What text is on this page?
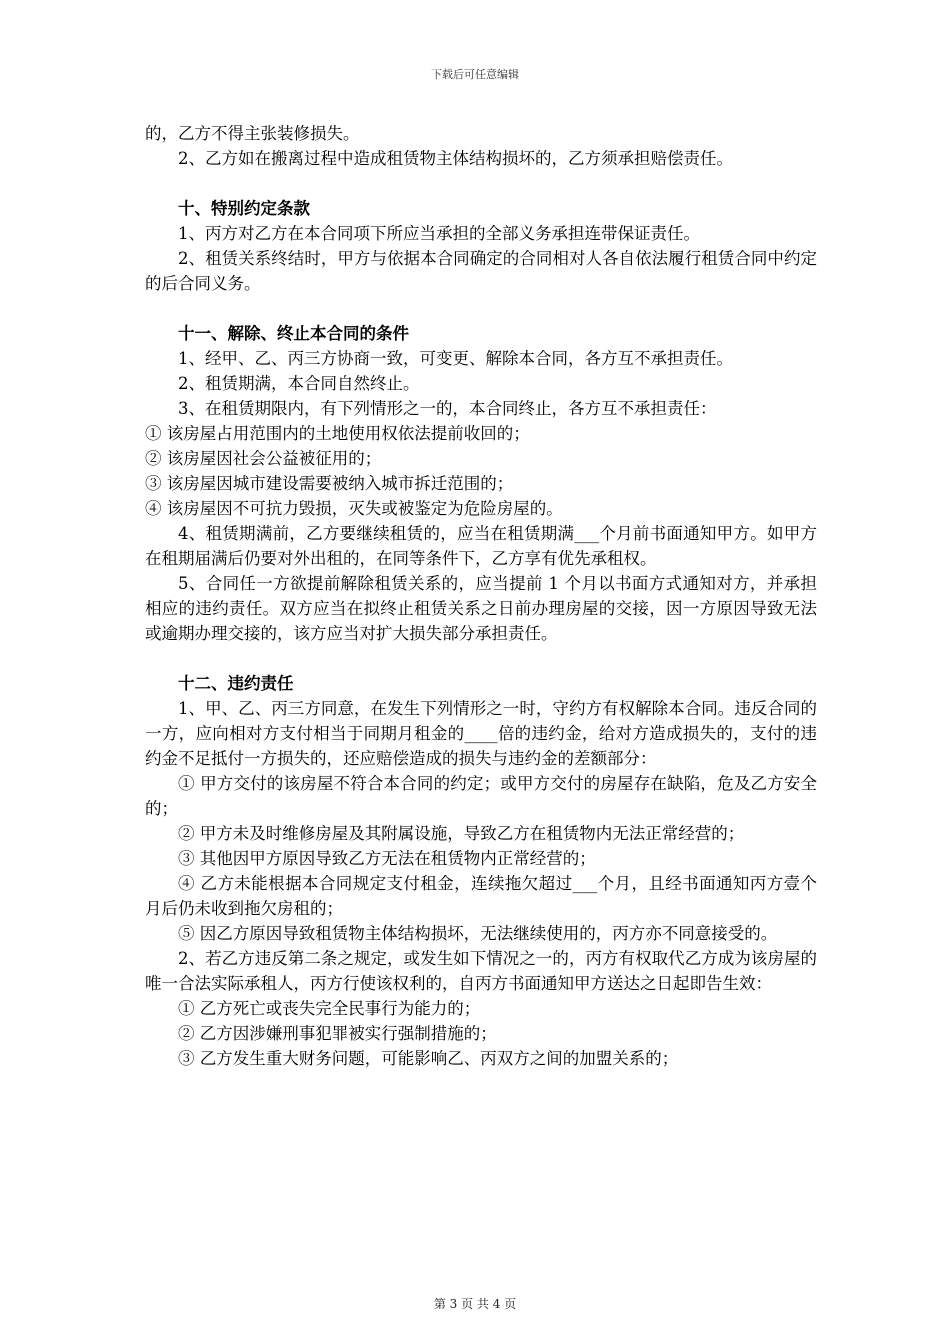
下载后可任意编辑

的，乙方不得主张装修损失。

2、乙方如在搬离过程中造成租赁物主体结构损坏的，乙方须承担赔偿责任。

十、特别约定条款

1、丙方对乙方在本合同项下所应当承担的全部义务承担连带保证责任。

2、租赁关系终结时，甲方与依据本合同确定的合同相对人各自依法履行租赁合同中约定的后合同义务。

十一、解除、终止本合同的条件

1、经甲、乙、丙三方协商一致，可变更、解除本合同，各方互不承担责任。

2、租赁期满，本合同自然终止。

3、在租赁期限内，有下列情形之一的，本合同终止，各方互不承担责任：

① 该房屋占用范围内的土地使用权依法提前收回的；

② 该房屋因社会公益被征用的；

③ 该房屋因城市建设需要被纳入城市拆迁范围的；

④ 该房屋因不可抗力毁损，灭失或被鉴定为危险房屋的。

4、租赁期满前，乙方要继续租赁的，应当在租赁期满___个月前书面通知甲方。如甲方在租期届满后仍要对外出租的，在同等条件下，乙方享有优先承租权。

5、合同任一方欲提前解除租赁关系的，应当提前 1 个月以书面方式通知对方，并承担相应的违约责任。双方应当在拟终止租赁关系之日前办理房屋的交接，因一方原因导致无法或逾期办理交接的，该方应当对扩大损失部分承担责任。

十二、违约责任

1、甲、乙、丙三方同意，在发生下列情形之一时，守约方有权解除本合同。违反合同的一方，应向相对方支付相当于同期月租金的____倍的违约金，给对方造成损失的，支付的违约金不足抵付一方损失的，还应赔偿造成的损失与违约金的差额部分：

① 甲方交付的该房屋不符合本合同的约定；或甲方交付的房屋存在缺陷，危及乙方安全的；

② 甲方未及时维修房屋及其附属设施，导致乙方在租赁物内无法正常经营的；

③ 其他因甲方原因导致乙方无法在租赁物内正常经营的；

④ 乙方未能根据本合同规定支付租金，连续拖欠超过___个月，且经书面通知丙方壹个月后仍未收到拖欠房租的；

⑤ 因乙方原因导致租赁物主体结构损坏，无法继续使用的，丙方亦不同意接受的。

2、若乙方违反第二条之规定，或发生如下情况之一的，丙方有权取代乙方成为该房屋的唯一合法实际承租人，丙方行使该权利的，自丙方书面通知甲方送达之日起即告生效：

① 乙方死亡或丧失完全民事行为能力的；

② 乙方因涉嫌刑事犯罪被实行强制措施的；

③ 乙方发生重大财务问题，可能影响乙、丙双方之间的加盟关系的；

第 3 页 共 4 页
